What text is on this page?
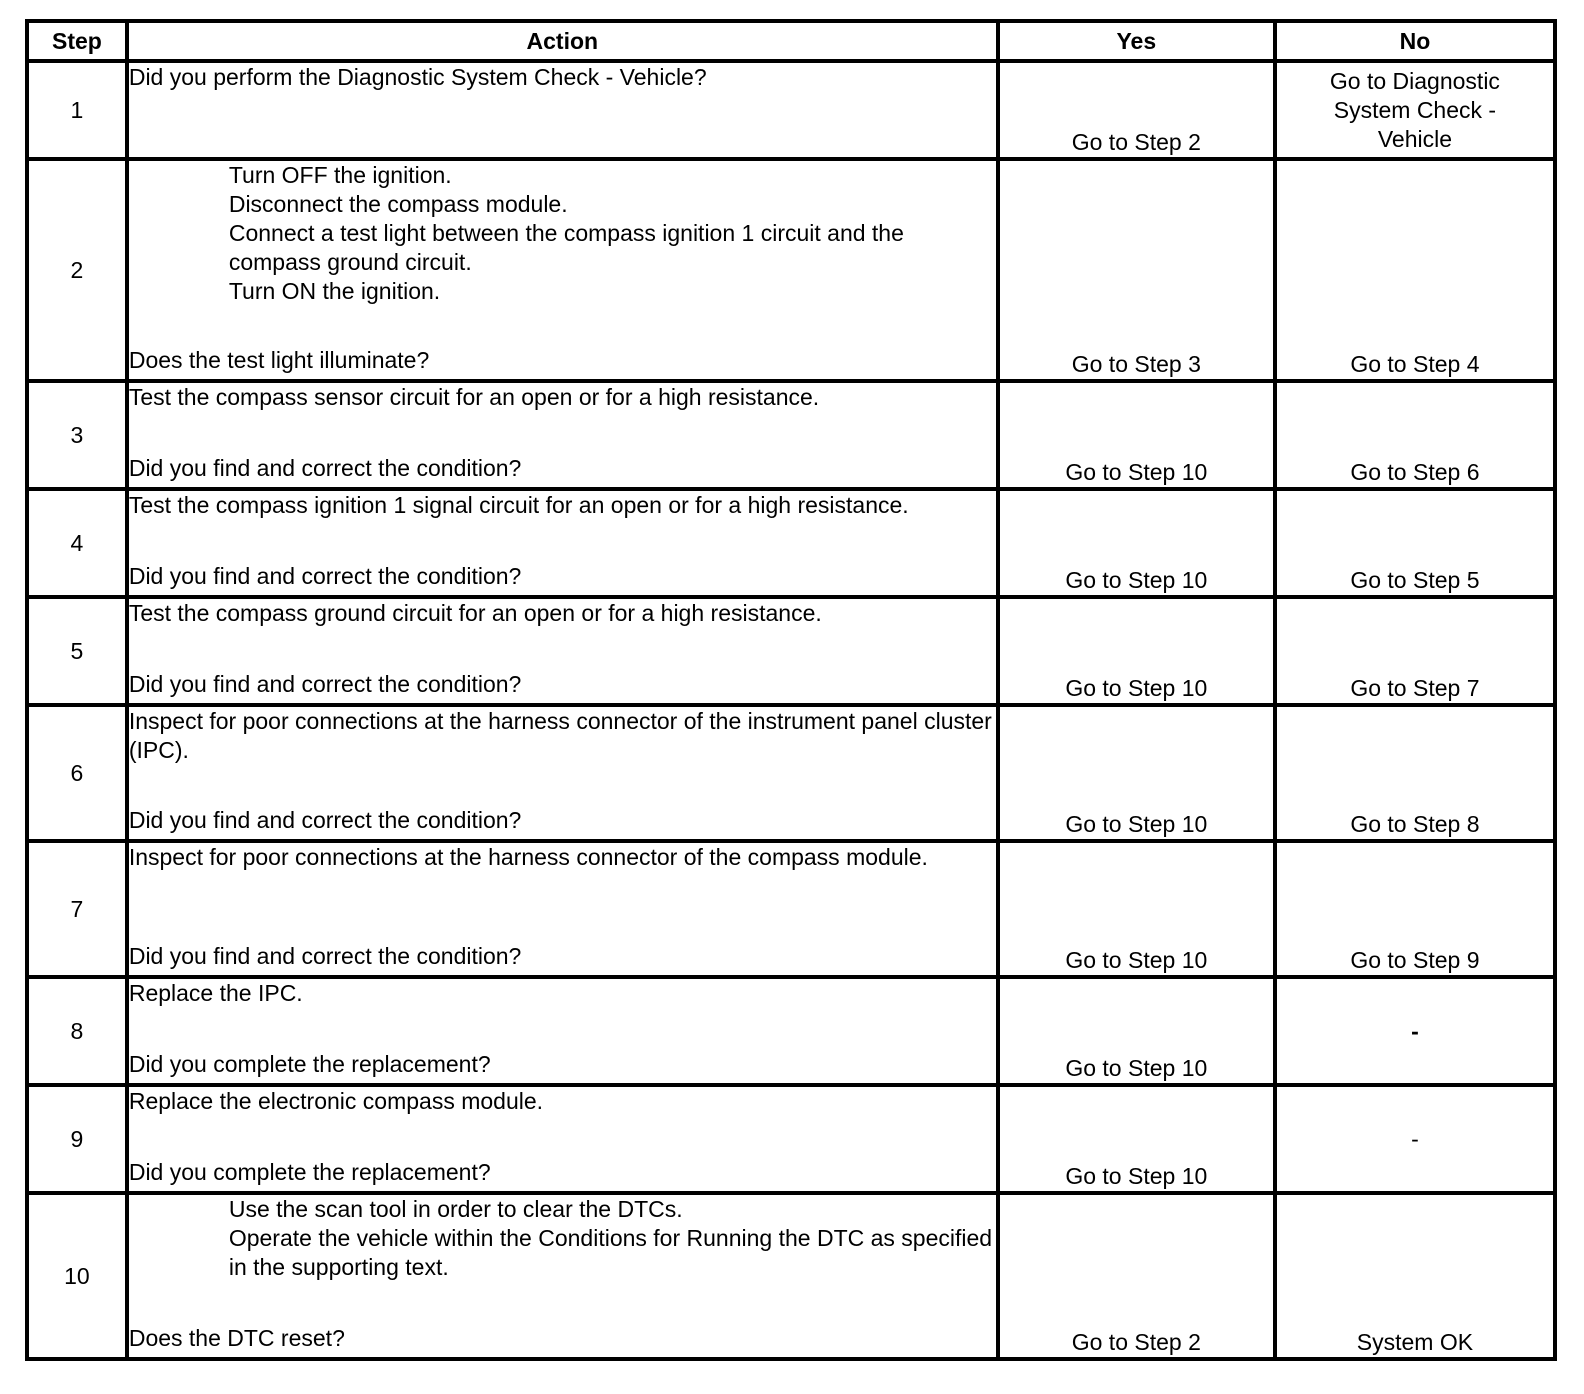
Step	Action	Yes	No
1	Did you perform the Diagnostic System Check - Vehicle?	Go to Step 2	Go to Diagnostic System Check - Vehicle
2	Turn OFF the ignition.
Disconnect the compass module.
Connect a test light between the compass ignition 1 circuit and the compass ground circuit.
Turn ON the ignition.
Does the test light illuminate?	Go to Step 3	Go to Step 4
3	Test the compass sensor circuit for an open or for a high resistance.
Did you find and correct the condition?	Go to Step 10	Go to Step 6
4	Test the compass ignition 1 signal circuit for an open or for a high resistance.
Did you find and correct the condition?	Go to Step 10	Go to Step 5
5	Test the compass ground circuit for an open or for a high resistance.
Did you find and correct the condition?	Go to Step 10	Go to Step 7
6	Inspect for poor connections at the harness connector of the instrument panel cluster (IPC).
Did you find and correct the condition?	Go to Step 10	Go to Step 8
7	Inspect for poor connections at the harness connector of the compass module.
Did you find and correct the condition?	Go to Step 10	Go to Step 9
8	Replace the IPC.
Did you complete the replacement?	Go to Step 10	-
9	Replace the electronic compass module.
Did you complete the replacement?	Go to Step 10	-
10	Use the scan tool in order to clear the DTCs.
Operate the vehicle within the Conditions for Running the DTC as specified in the supporting text.
Does the DTC reset?	Go to Step 2	System OK
